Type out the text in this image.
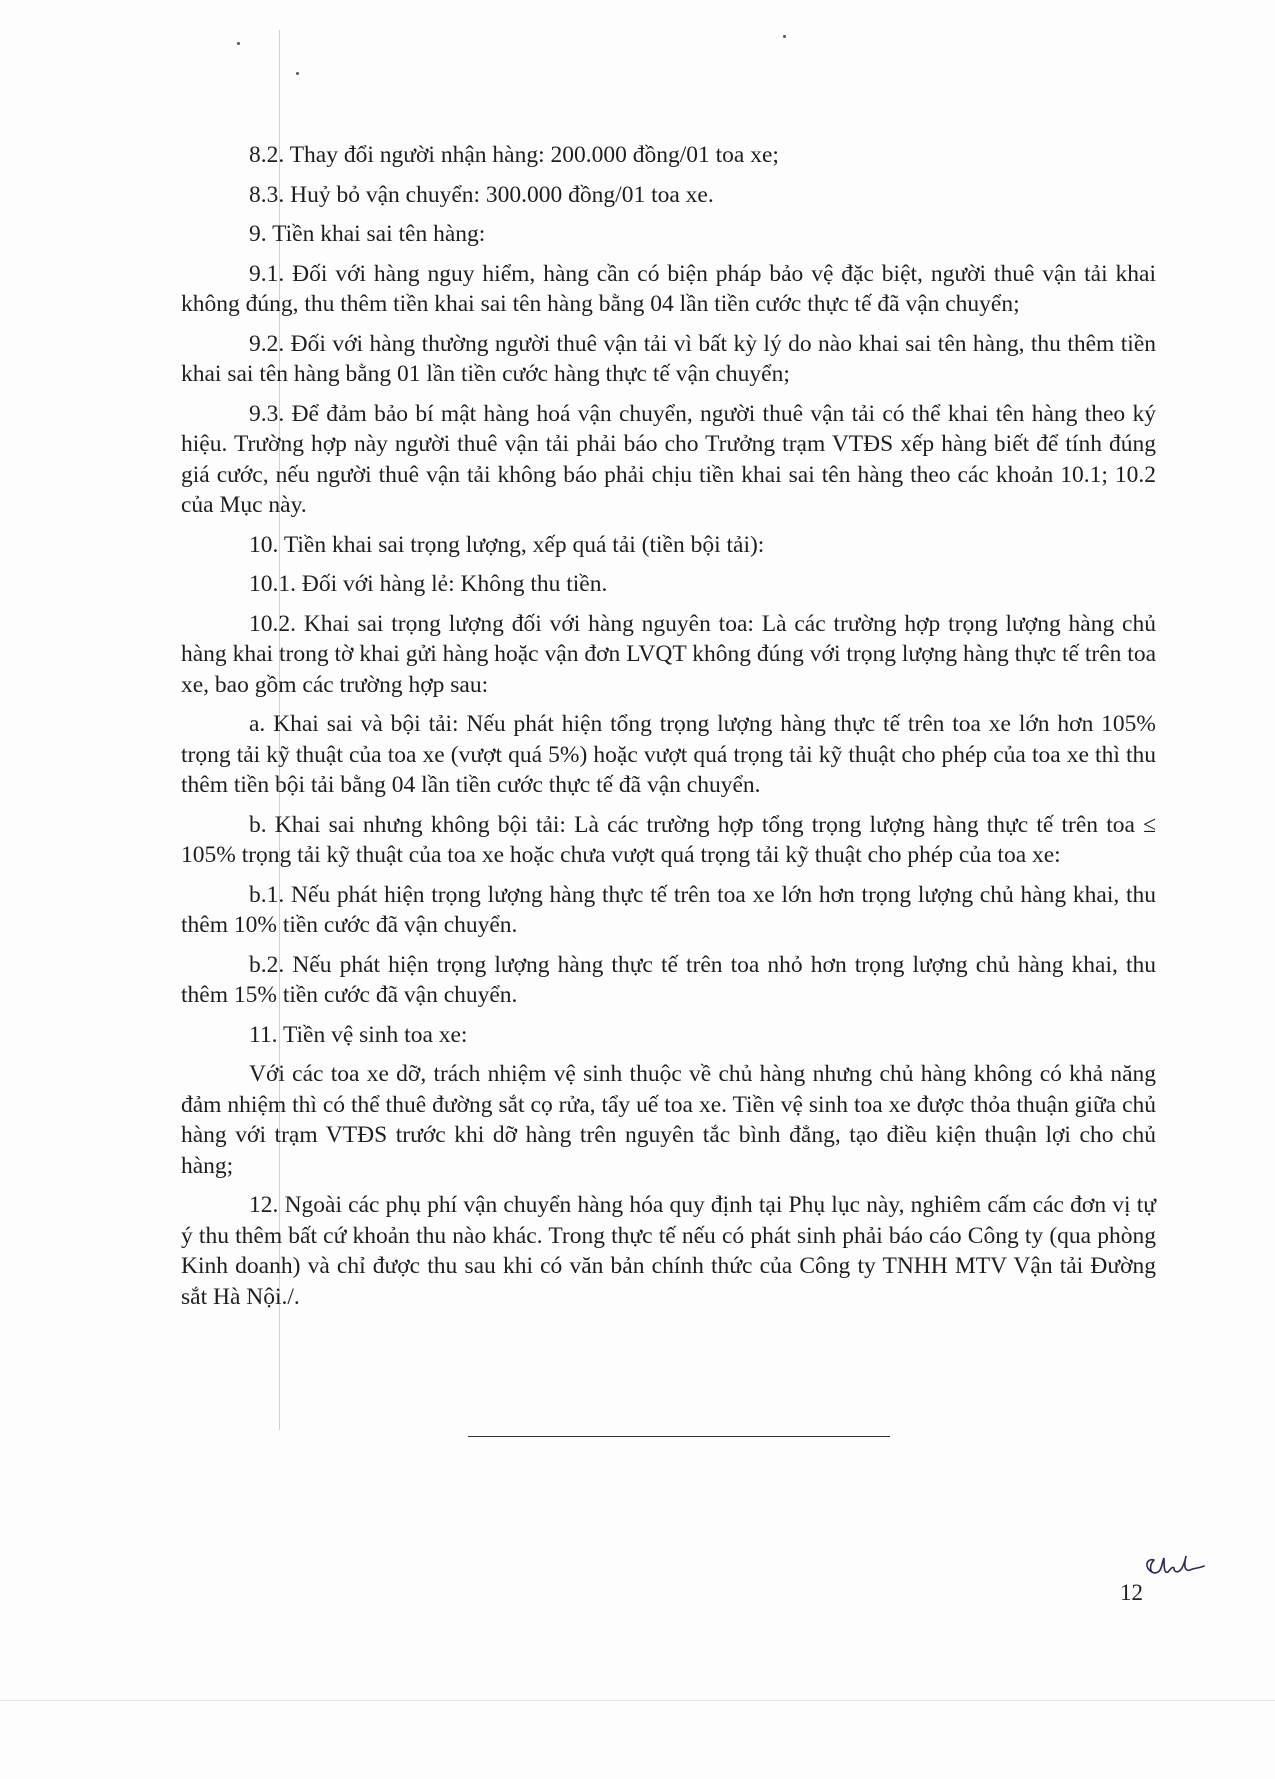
8.2. Thay đổi người nhận hàng: 200.000 đồng/01 toa xe;

8.3. Huỷ bỏ vận chuyển: 300.000 đồng/01 toa xe.

9. Tiền khai sai tên hàng:

9.1. Đối với hàng nguy hiểm, hàng cần có biện pháp bảo vệ đặc biệt, người thuê vận tải khai không đúng, thu thêm tiền khai sai tên hàng bằng 04 lần tiền cước thực tế đã vận chuyển;

9.2. Đối với hàng thường người thuê vận tải vì bất kỳ lý do nào khai sai tên hàng, thu thêm tiền khai sai tên hàng bằng 01 lần tiền cước hàng thực tế vận chuyển;

9.3. Để đảm bảo bí mật hàng hoá vận chuyển, người thuê vận tải có thể khai tên hàng theo ký hiệu. Trường hợp này người thuê vận tải phải báo cho Trưởng trạm VTĐS xếp hàng biết để tính đúng giá cước, nếu người thuê vận tải không báo phải chịu tiền khai sai tên hàng theo các khoản 10.1; 10.2 của Mục này.

10. Tiền khai sai trọng lượng, xếp quá tải (tiền bội tải):

10.1. Đối với hàng lẻ: Không thu tiền.

10.2. Khai sai trọng lượng đối với hàng nguyên toa: Là các trường hợp trọng lượng hàng chủ hàng khai trong tờ khai gửi hàng hoặc vận đơn LVQT không đúng với trọng lượng hàng thực tế trên toa xe, bao gồm các trường hợp sau:

a. Khai sai và bội tải: Nếu phát hiện tổng trọng lượng hàng thực tế trên toa xe lớn hơn 105% trọng tải kỹ thuật của toa xe (vượt quá 5%) hoặc vượt quá trọng tải kỹ thuật cho phép của toa xe thì thu thêm tiền bội tải bằng 04 lần tiền cước thực tế đã vận chuyển.

b. Khai sai nhưng không bội tải: Là các trường hợp tổng trọng lượng hàng thực tế trên toa ≤ 105% trọng tải kỹ thuật của toa xe hoặc chưa vượt quá trọng tải kỹ thuật cho phép của toa xe:

b.1. Nếu phát hiện trọng lượng hàng thực tế trên toa xe lớn hơn trọng lượng chủ hàng khai, thu thêm 10% tiền cước đã vận chuyển.

b.2. Nếu phát hiện trọng lượng hàng thực tế trên toa nhỏ hơn trọng lượng chủ hàng khai, thu thêm 15% tiền cước đã vận chuyển.

11. Tiền vệ sinh toa xe:

Với các toa xe dỡ, trách nhiệm vệ sinh thuộc về chủ hàng nhưng chủ hàng không có khả năng đảm nhiệm thì có thể thuê đường sắt cọ rửa, tẩy uế toa xe. Tiền vệ sinh toa xe được thỏa thuận giữa chủ hàng với trạm VTĐS trước khi dỡ hàng trên nguyên tắc bình đẳng, tạo điều kiện thuận lợi cho chủ hàng;

12. Ngoài các phụ phí vận chuyển hàng hóa quy định tại Phụ lục này, nghiêm cấm các đơn vị tự ý thu thêm bất cứ khoản thu nào khác. Trong thực tế nếu có phát sinh phải báo cáo Công ty (qua phòng Kinh doanh) và chỉ được thu sau khi có văn bản chính thức của Công ty TNHH MTV Vận tải Đường sắt Hà Nội./.

12
